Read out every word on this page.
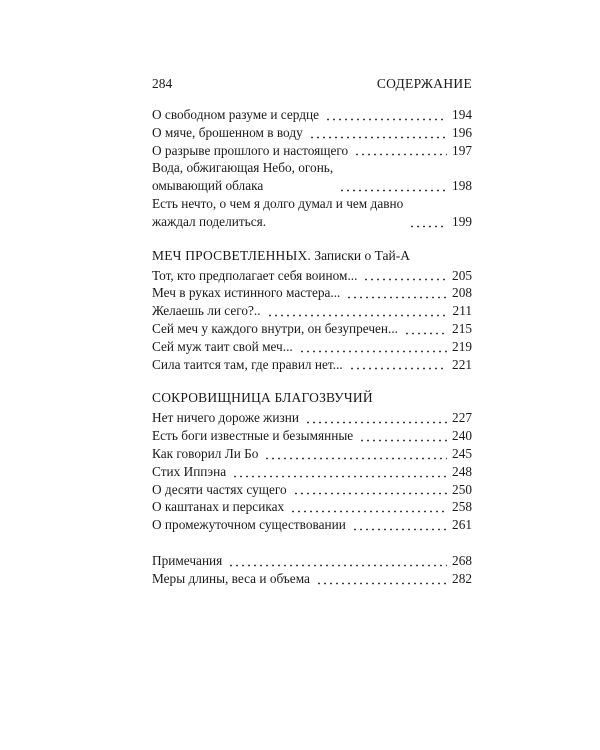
284	СОДЕРЖАНИЕ
О свободном разуме и сердце	194
О мяче, брошенном в воду	196
О разрыве прошлого и настоящего	197
Вода, обжигающая Небо, огонь,
омывающий облака	198
Есть нечто, о чем я долго думал и чем давно
жаждал поделиться.	199
МЕЧ ПРОСВЕТЛЕННЫХ. Записки о Тай-А
Тот, кто предполагает себя воином...	205
Меч в руках истинного мастера...	208
Желаешь ли сего?..	211
Сей меч у каждого внутри, он безупречен...	215
Сей муж таит свой меч...	219
Сила таится там, где правил нет...	221
СОКРОВИЩНИЦА БЛАГОЗВУЧИЙ
Нет ничего дороже жизни	227
Есть боги известные и безымянные	240
Как говорил Ли Бо	245
Стих Иппэна	248
О десяти частях сущего	250
О каштанах и персиках	258
О промежуточном существовании	261
Примечания	268
Меры длины, веса и объема	282
